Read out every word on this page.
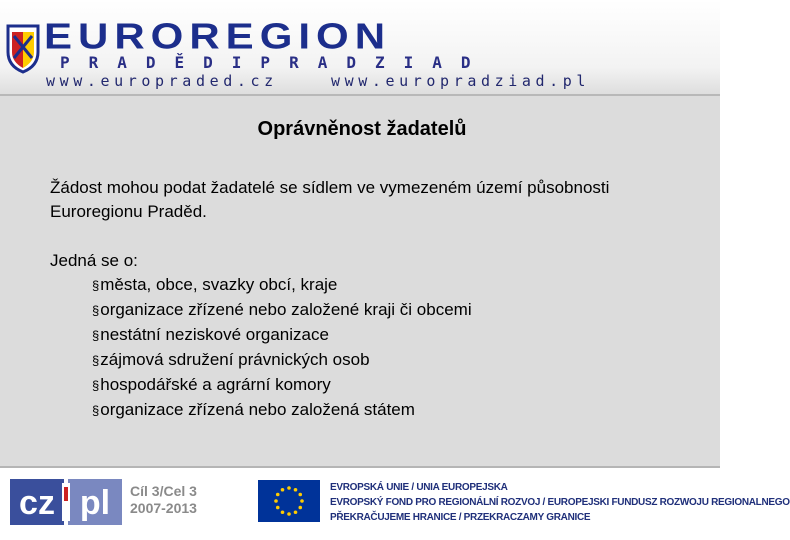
EUROREGION
PRADĚDIPRADZIAD
www.europraded.cz	www.europradziad.pl
Oprávněnost žadatelů

Žádost mohou podat žadatelé se sídlem ve vymezeném území působnosti Euroregionu Praděd.

Jedná se o:

§města, obce, svazky obcí, kraje
§organizace zřízené nebo založené kraji či obcemi
§nestátní neziskové organizace
§zájmová sdružení právnických osob
§hospodářské a agrární komory
§organizace zřízená nebo založená státem
cz pl Cíl 3/Cel 3
2007-2013
EVROPSKÁ UNIE / UNIA EUROPEJSKA
EVROPSKÝ FOND PRO REGIONÁLNÍ ROZVOJ / EUROPEJSKI FUNDUSZ ROZWOJU REGIONALNEGO
PŘEKRAČUJEME HRANICE / PRZEKRACZAMY GRANICE
